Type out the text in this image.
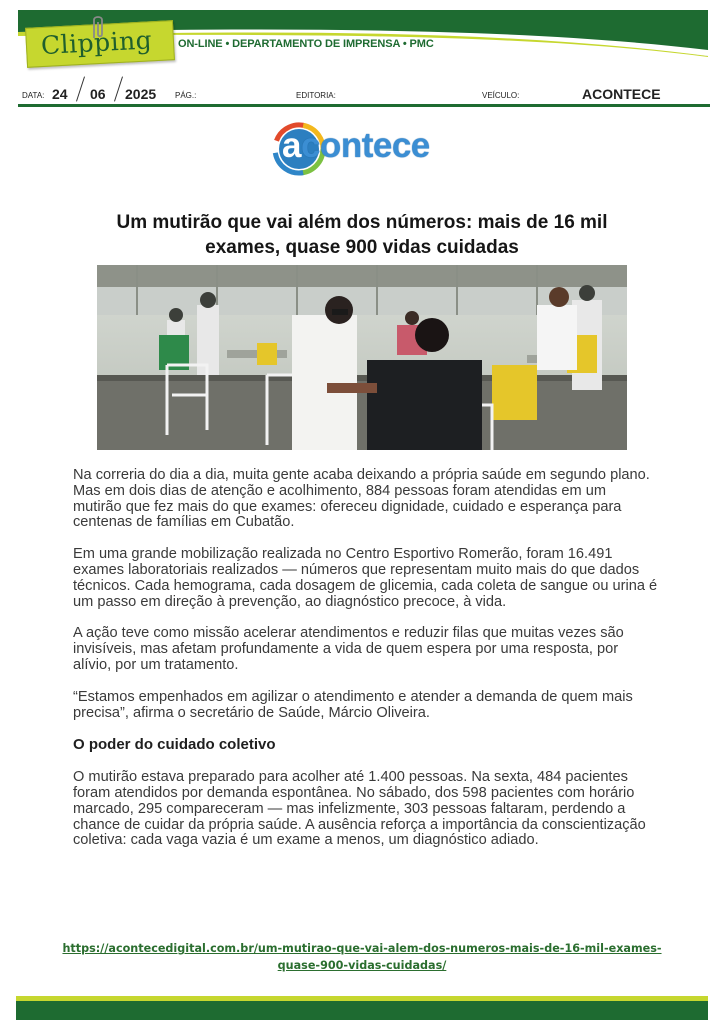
Clipping ON-LINE • DEPARTAMENTO DE IMPRENSA • PMC
DATA: 24 06 2025 PÁG.:	EDITORIA:	VEÍCULO:	ACONTECE
acontece
Um mutirão que vai além dos números: mais de 16 mil exames, quase 900 vidas cuidadas

Na correria do dia a dia, muita gente acaba deixando a própria saúde em segundo plano. Mas em dois dias de atenção e acolhimento, 884 pessoas foram atendidas em um mutirão que fez mais do que exames: ofereceu dignidade, cuidado e esperança para centenas de famílias em Cubatão.

Em uma grande mobilização realizada no Centro Esportivo Romerão, foram 16.491 exames laboratoriais realizados — números que representam muito mais do que dados técnicos. Cada hemograma, cada dosagem de glicemia, cada coleta de sangue ou urina é um passo em direção à prevenção, ao diagnóstico precoce, à vida.

A ação teve como missão acelerar atendimentos e reduzir filas que muitas vezes são invisíveis, mas afetam profundamente a vida de quem espera por uma resposta, por alívio, por um tratamento.

“Estamos empenhados em agilizar o atendimento e atender a demanda de quem mais
precisa”, afirma o secretário de Saúde, Márcio Oliveira.

O poder do cuidado coletivo

O mutirão estava preparado para acolher até 1.400 pessoas. Na sexta, 484 pacientes foram atendidos por demanda espontânea. No sábado, dos 598 pacientes com horário marcado, 295 compareceram — mas infelizmente, 303 pessoas faltaram, perdendo a chance de cuidar da própria saúde. A ausência reforça a importância da conscientização coletiva: cada vaga vazia é um exame a menos, um diagnóstico adiado.

https://acontecedigital.com.br/um-mutirao-que-vai-alem-dos-numeros-mais-de-16-mil-exames-
quase-900-vidas-cuidadas/
